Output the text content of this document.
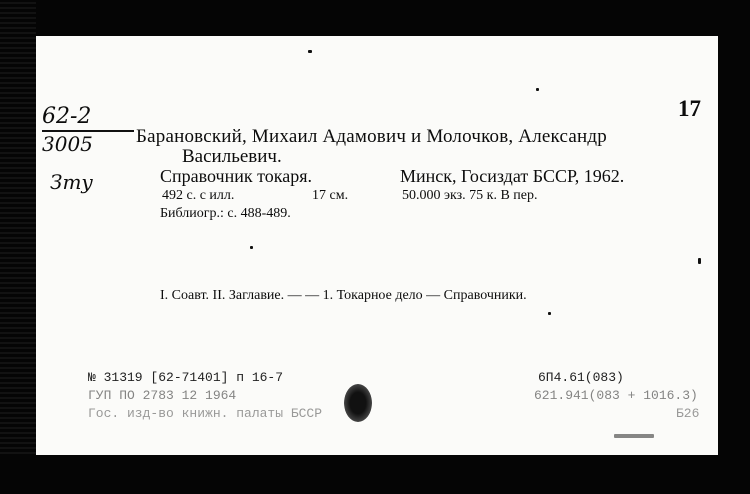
17
62-2
3005
Зту
Барановский, Михаил Адамович и Молочков, Александр
Васильевич.
Справочник токаря.	Минск, Госиздат БССР, 1962.
492 с. с илл.	17 см.	50.000 экз. 75 к. В пер.
Библиогр.: с. 488-489.
I. Соавт. II. Заглавие. — — 1. Токарное дело — Справочники.
№ 31319 [62-71401] п 16-7
ГУП ПО 2783 12 1964
Гос. изд-во книжн. палаты БССР
6П4.61(083)
621.941(083 + 1016.3)
Б26
